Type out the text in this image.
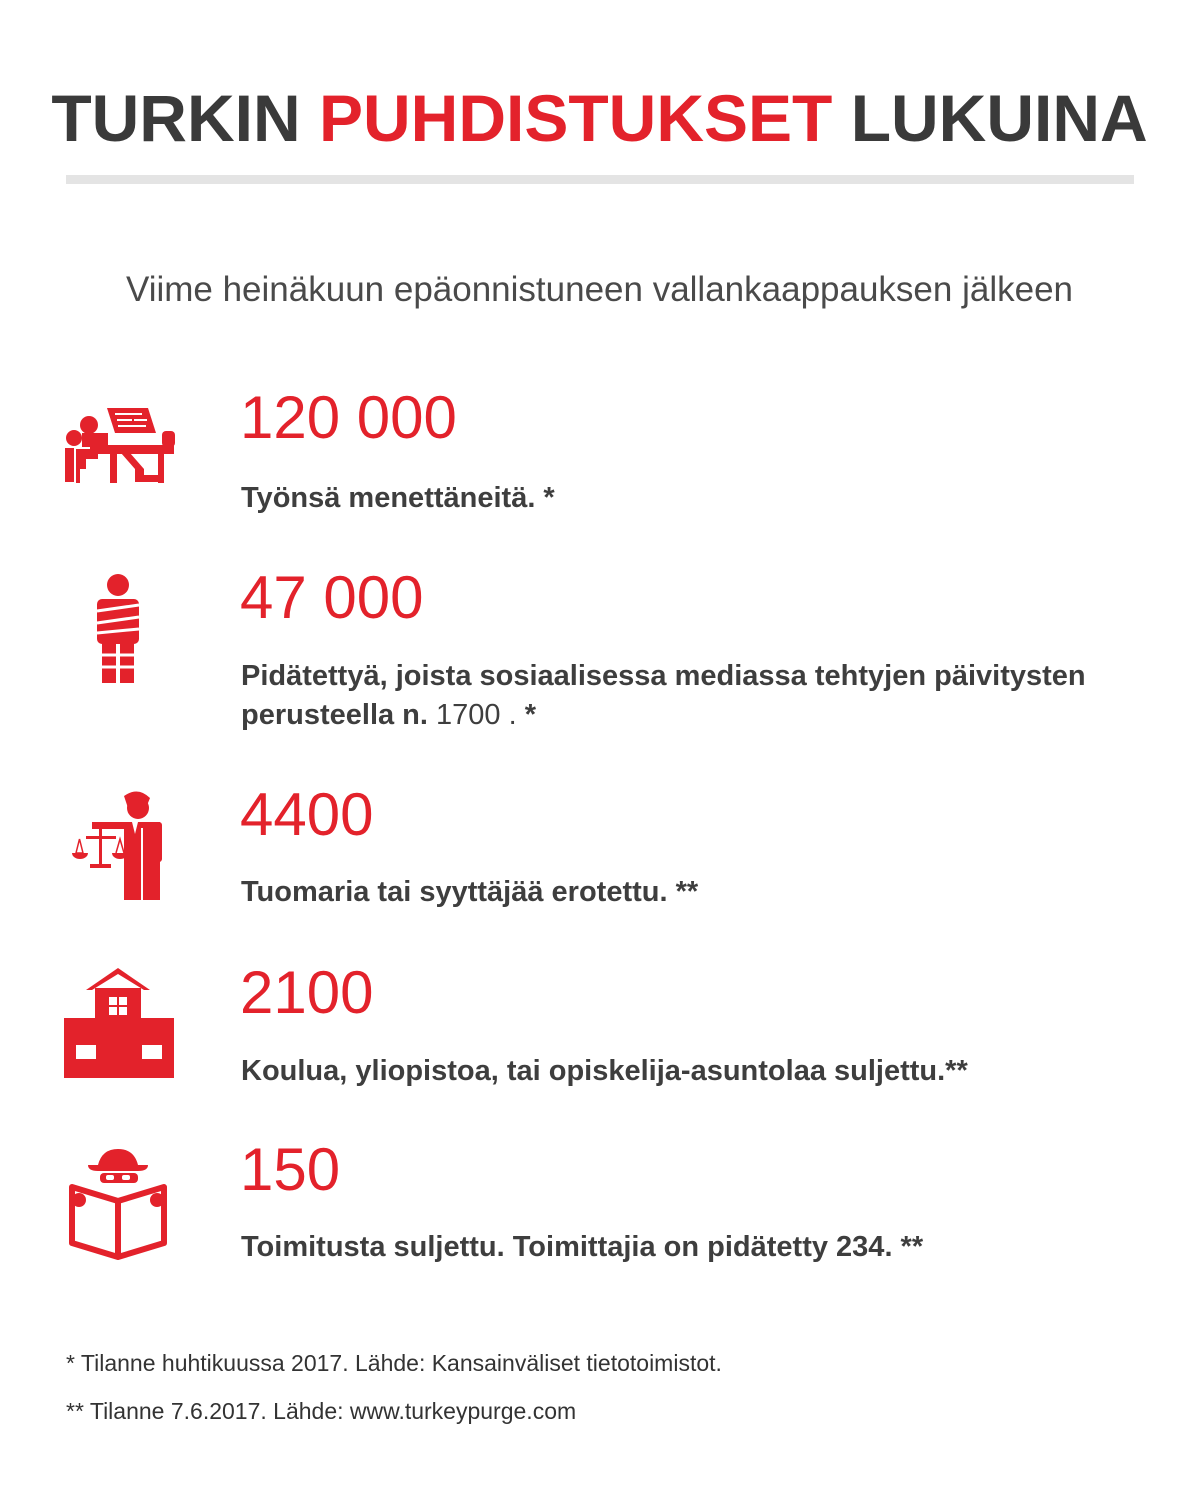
TURKIN PUHDISTUKSET LUKUINA
Viime heinäkuun epäonnistuneen vallankaappauksen jälkeen
120 000
Työnsä menettäneitä. *
47 000
Pidätettyä, joista sosiaalisessa mediassa tehtyjen päivitysten perusteella n. 1700 . *
4400
Tuomaria tai syyttäjää erotettu. **
2100
Koulua, yliopistoa, tai opiskelija-asuntolaa suljettu.**
150
Toimitusta suljettu. Toimittajia on pidätetty 234. **
* Tilanne huhtikuussa 2017. Lähde: Kansainväliset tietotoimistot.
** Tilanne 7.6.2017. Lähde: www.turkeypurge.com
